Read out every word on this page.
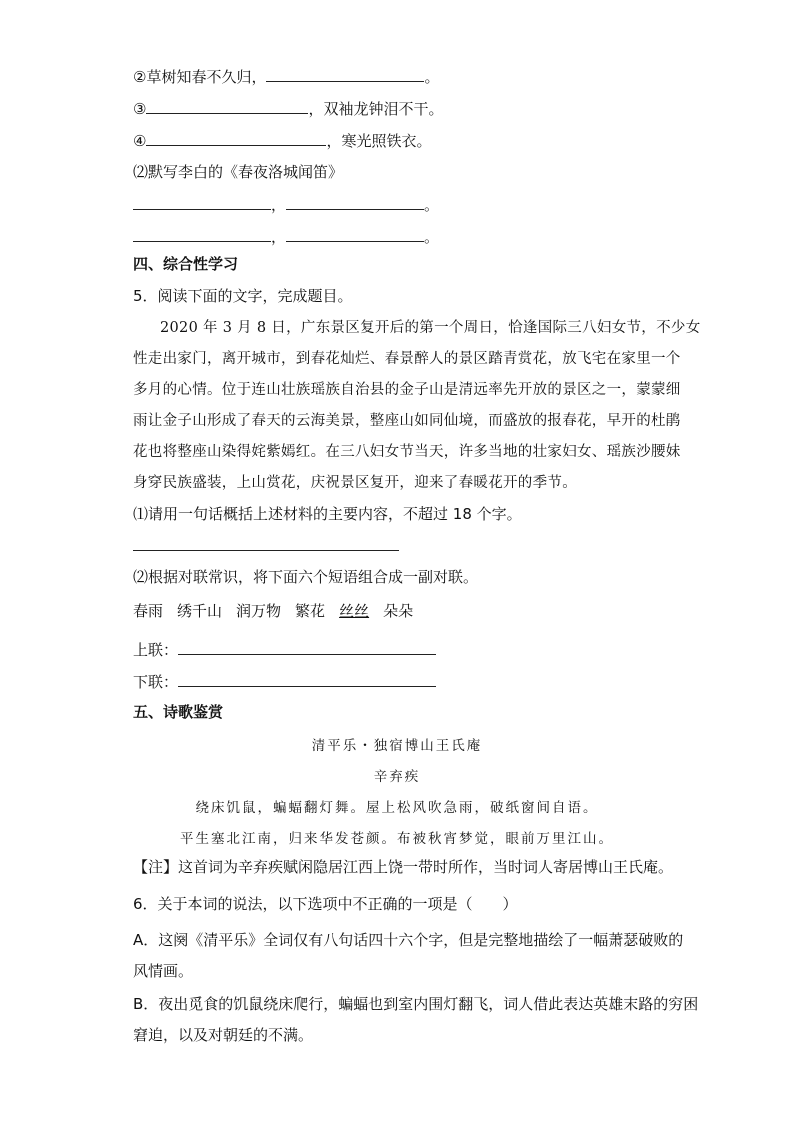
②草树知春不久归，	。
③	，双袖龙钟泪不干。
④	，寒光照铁衣。
⑵默写李白的《春夜洛城闻笛》
，	。
，	。
四、综合性学习
5．阅读下面的文字，完成题目。
2020 年 3 月 8 日，广东景区复开后的第一个周日，恰逢国际三八妇女节，不少女
性走出家门，离开城市，到春花灿烂、春景醉人的景区踏青赏花，放飞宅在家里一个
多月的心情。位于连山壮族瑶族自治县的金子山是清远率先开放的景区之一，蒙蒙细
雨让金子山形成了春天的云海美景，整座山如同仙境，而盛放的报春花，早开的杜鹃
花也将整座山染得姹紫嫣红。在三八妇女节当天，许多当地的壮家妇女、瑶族沙腰妹
身穿民族盛装，上山赏花，庆祝景区复开，迎来了春暖花开的季节。
⑴请用一句话概括上述材料的主要内容，不超过 18 个字。
⑵根据对联常识，将下面六个短语组合成一副对联。
春雨 绣千山 润万物 繁花 丝丝 朵朵
上联：
下联：
五、诗歌鉴赏
清平乐・独宿博山王氏庵
辛弃疾
绕床饥鼠，蝙蝠翻灯舞。屋上松风吹急雨，破纸窗间自语。
平生塞北江南，归来华发苍颜。布被秋宵梦觉，眼前万里江山。
【注】这首词为辛弃疾赋闲隐居江西上饶一带时所作，当时词人寄居博山王氏庵。
6．关于本词的说法，以下选项中不正确的一项是（　　）
A．这阕《清平乐》全词仅有八句话四十六个字，但是完整地描绘了一幅萧瑟破败的
风情画。
B．夜出觅食的饥鼠绕床爬行，蝙蝠也到室内围灯翻飞，词人借此表达英雄末路的穷困
窘迫，以及对朝廷的不满。
